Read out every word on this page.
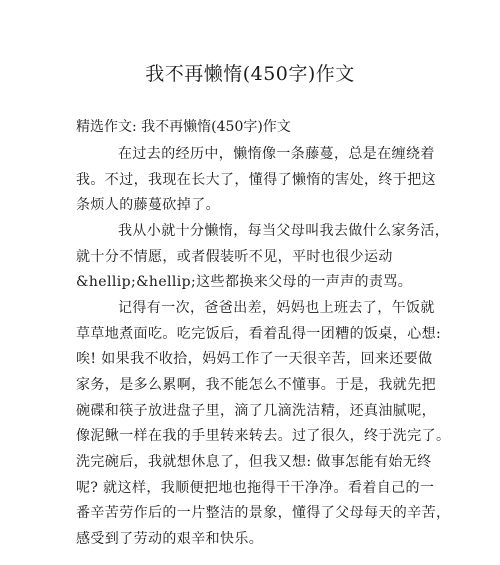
我不再懒惰(450字)作文
精选作文: 我不再懒惰(450字)作文
在过去的经历中，懒惰像一条藤蔓，总是在缠绕着
我。不过，我现在长大了，懂得了懒惰的害处，终于把这
条烦人的藤蔓砍掉了。
我从小就十分懒惰，每当父母叫我去做什么家务活，
就十分不情愿，或者假装听不见，平时也很少运动
&hellip;&hellip;这些都换来父母的一声声的责骂。
记得有一次，爸爸出差，妈妈也上班去了，午饭就
草草地煮面吃。吃完饭后，看着乱得一团糟的饭桌，心想:
唉! 如果我不收拾，妈妈工作了一天很辛苦，回来还要做
家务，是多么累啊，我不能怎么不懂事。于是，我就先把
碗碟和筷子放进盘子里，滴了几滴洗洁精，还真油腻呢，
像泥鳅一样在我的手里转来转去。过了很久，终于洗完了。
洗完碗后，我就想休息了，但我又想: 做事怎能有始无终
呢? 就这样，我顺便把地也拖得干干净净。看着自己的一
番辛苦劳作后的一片整洁的景象，懂得了父母每天的辛苦，
感受到了劳动的艰辛和快乐。
